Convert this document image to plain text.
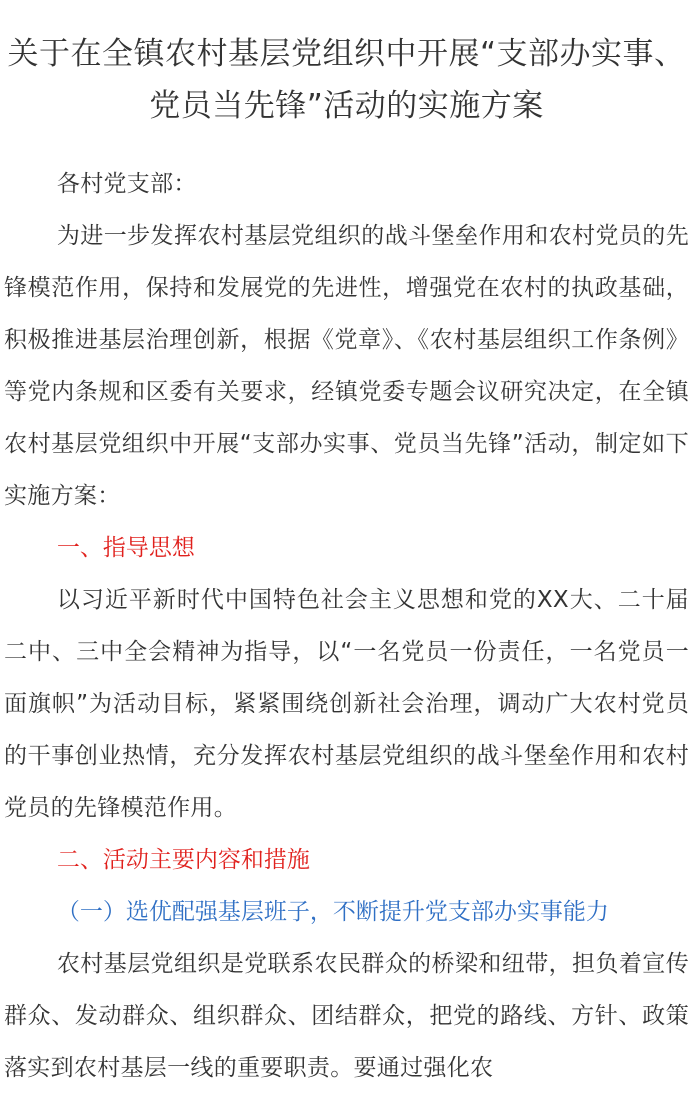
关于在全镇农村基层党组织中开展“支部办实事、党员当先锋”活动的实施方案

各村党支部：

为进一步发挥农村基层党组织的战斗堡垒作用和农村党员的先锋模范作用，保持和发展党的先进性，增强党在农村的执政基础，积极推进基层治理创新，根据《党章》、《农村基层组织工作条例》等党内条规和区委有关要求，经镇党委专题会议研究决定，在全镇农村基层党组织中开展“支部办实事、党员当先锋”活动，制定如下实施方案：

一、指导思想

以习近平新时代中国特色社会主义思想和党的XX大、二十届二中、三中全会精神为指导，以“一名党员一份责任，一名党员一面旗帜”为活动目标，紧紧围绕创新社会治理，调动广大农村党员的干事创业热情，充分发挥农村基层党组织的战斗堡垒作用和农村党员的先锋模范作用。

二、活动主要内容和措施

（一）选优配强基层班子，不断提升党支部办实事能力

农村基层党组织是党联系农民群众的桥梁和纽带，担负着宣传群众、发动群众、组织群众、团结群众，把党的路线、方针、政策落实到农村基层一线的重要职责。要通过强化农
